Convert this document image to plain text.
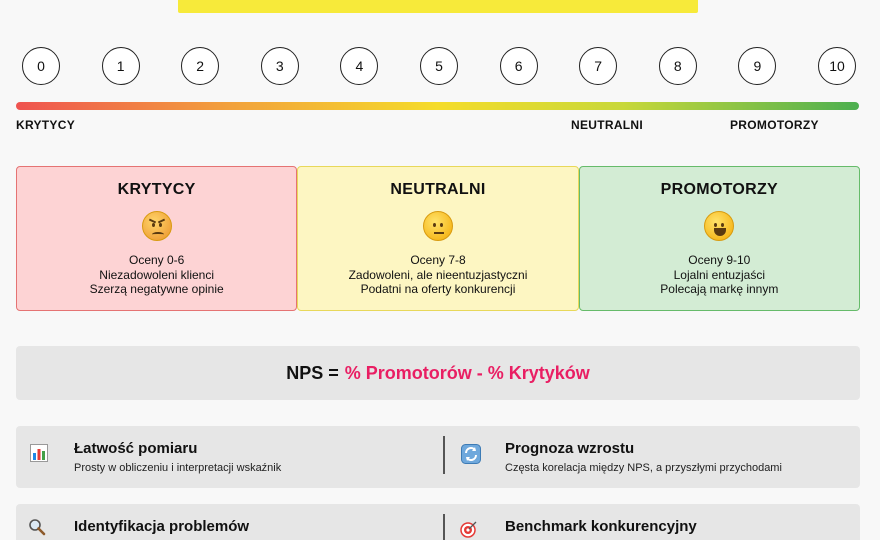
0	1	2	3	4	5	6	7	8	9	10
KRYTYCY	NEUTRALNI	PROMOTORZY
KRYTYCY
Oceny 0-6
Niezadowoleni klienci
Szerzą negatywne opinie
NEUTRALNI
Oceny 7-8
Zadowoleni, ale nieentuzjastyczni
Podatni na oferty konkurencji
PROMOTORZY
Oceny 9-10
Lojalni entuzjaści
Polecają markę innym
NPS = % Promotorów - % Krytyków
Łatwość pomiaru
Prosty w obliczeniu i interpretacji wskaźnik
Prognoza wzrostu
Częsta korelacja między NPS, a przyszłymi przychodami
Identyfikacja problemów	Benchmark konkurencyjny
